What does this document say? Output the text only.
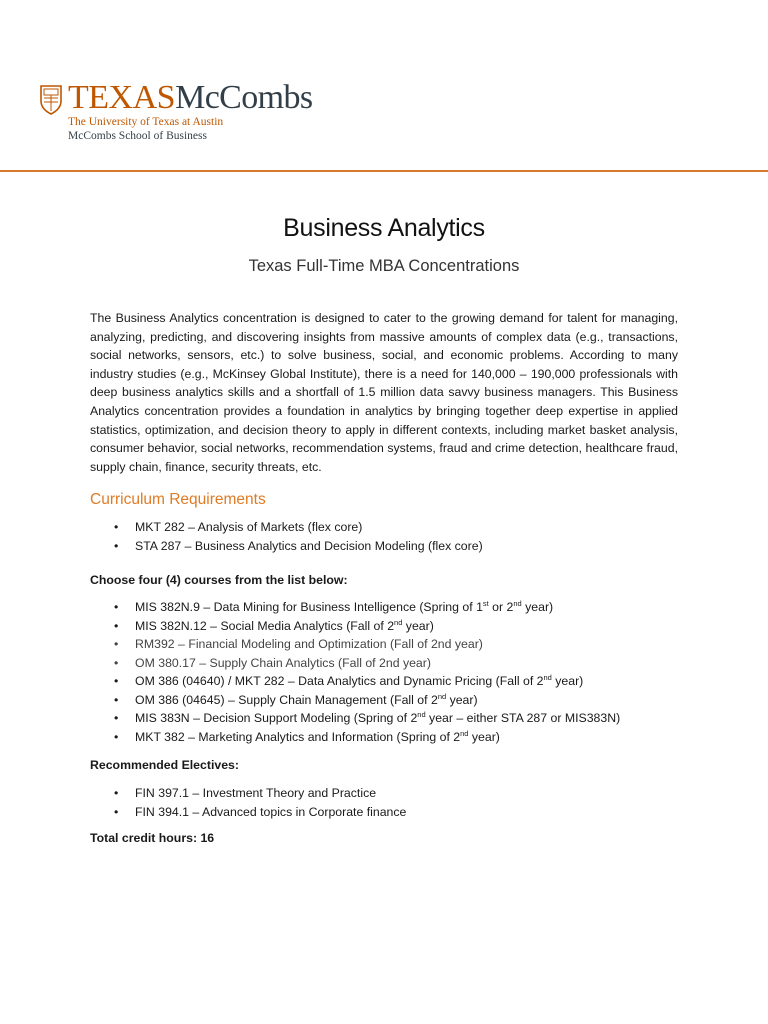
TEXAS McCombs
The University of Texas at Austin
McCombs School of Business
Business Analytics
Texas Full-Time MBA Concentrations

The Business Analytics concentration is designed to cater to the growing demand for talent for managing, analyzing, predicting, and discovering insights from massive amounts of complex data (e.g., transactions, social networks, sensors, etc.) to solve business, social, and economic problems. According to many industry studies (e.g., McKinsey Global Institute), there is a need for 140,000 – 190,000 professionals with deep business analytics skills and a shortfall of 1.5 million data savvy business managers. This Business Analytics concentration provides a foundation in analytics by bringing together deep expertise in applied statistics, optimization, and decision theory to apply in different contexts, including market basket analysis, consumer behavior, social networks, recommendation systems, fraud and crime detection, healthcare fraud, supply chain, finance, security threats, etc.

Curriculum Requirements
• MKT 282 – Analysis of Markets (flex core)
• STA 287 – Business Analytics and Decision Modeling (flex core)

Choose four (4) courses from the list below:

• MIS 382N.9 – Data Mining for Business Intelligence (Spring of 1st or 2nd year)
• MIS 382N.12 – Social Media Analytics (Fall of 2nd year)
• RM392 – Financial Modeling and Optimization (Fall of 2nd year)
• OM 380.17 – Supply Chain Analytics (Fall of 2nd year)
• OM 386 (04640) / MKT 282 – Data Analytics and Dynamic Pricing (Fall of 2nd year)
• OM 386 (04645) – Supply Chain Management (Fall of 2nd year)
• MIS 383N – Decision Support Modeling (Spring of 2nd year – either STA 287 or MIS383N)
• MKT 382 – Marketing Analytics and Information (Spring of 2nd year)

Recommended Electives:

• FIN 397.1 – Investment Theory and Practice
• FIN 394.1 – Advanced topics in Corporate finance

Total credit hours: 16
